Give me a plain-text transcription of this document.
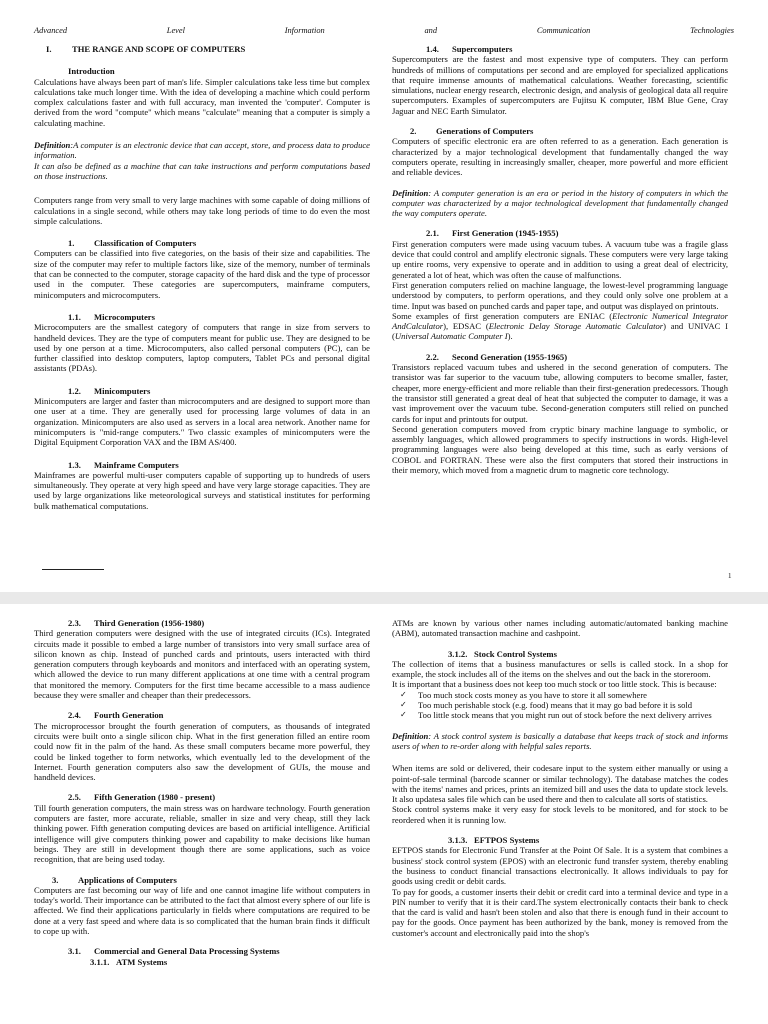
Advanced	Level	Information	and	Communication	Technologies
I. THE RANGE AND SCOPE OF COMPUTERS
Introduction

Calculations have always been part of man's life. Simpler calculations take less time but complex calculations take much longer time. With the idea of developing a machine which could perform complex calculations faster and with full accuracy, man invented the 'computer'. Computer is derived from the word "compute" which means "calculate" meaning that a computer is simply a calculating machine.

Definition:A computer is an electronic device that can accept, store, and process data to produce information.
It can also be defined as a machine that can take instructions and perform computations based on those instructions.

Computers range from very small to very large machines with some capable of doing millions of calculations in a single second, while others may take long periods of time to do even the most simple calculations.

1. Classification of Computers

Computers can be classified into five categories, on the basis of their size and capabilities. The size of the computer may refer to multiple factors like, size of the memory, number of terminals that can be connected to the computer, storage capacity of the hard disk and the type of processor used in the computer. These categories are supercomputers, mainframe computers, minicomputers and microcomputers.

1.1. Microcomputers

Microcomputers are the smallest category of computers that range in size from servers to handheld devices. They are the type of computers meant for public use. They are designed to be used by one person at a time. Microcomputers, also called personal computers (PC), can be further classified into desktop computers, laptop computers, Tablet PCs and personal digital assistants (PDAs).

1.2. Minicomputers

Minicomputers are larger and faster than microcomputers and are designed to support more than one user at a time. They are generally used for processing large volumes of data in an organization. Minicomputers are also used as servers in a local area network. Another name for minicomputers is "mid-range computers." Two classic examples of minicomputers were the Digital Equipment Corporation VAX and the IBM AS/400.

1.3. Mainframe Computers

Mainframes are powerful multi-user computers capable of supporting up to hundreds of users simultaneously. They operate at very high speed and have very large storage capacities. They are used by large organizations like meteorological surveys and statistical institutes for performing bulk mathematical computations.

1.4. Supercomputers

Supercomputers are the fastest and most expensive type of computers. They can perform hundreds of millions of computations per second and are employed for specialized applications that require immense amounts of mathematical calculations. Weather forecasting, scientific simulations, nuclear energy research, electronic design, and analysis of geological data all require supercomputers. Examples of supercomputers are Fujitsu K computer, IBM Blue Gene, Cray Jaguar and NEC Earth Simulator.

2. Generations of Computers

Computers of specific electronic era are often referred to as a generation. Each generation is characterized by a major technological development that fundamentally changed the way computers operate, resulting in increasingly smaller, cheaper, more powerful and more efficient and reliable devices.

Definition: A computer generation is an era or period in the history of computers in which the computer was characterized by a major technological development that fundamentally changed the way computers operate.

2.1. First Generation (1945-1955)

First generation computers were made using vacuum tubes. A vacuum tube was a fragile glass device that could control and amplify electronic signals. These computers were very large taking up entire rooms, very expensive to operate and in addition to using a great deal of electricity, generated a lot of heat, which was often the cause of malfunctions.

First generation computers relied on machine language, the lowest-level programming language understood by computers, to perform operations, and they could only solve one problem at a time. Input was based on punched cards and paper tape, and output was displayed on printouts.

Some examples of first generation computers are ENIAC (Electronic Numerical Integrator AndCalculator), EDSAC (Electronic Delay Storage Automatic Calculator) and UNIVAC I (Universal Automatic Computer I).

2.2. Second Generation (1955-1965)

Transistors replaced vacuum tubes and ushered in the second generation of computers. The transistor was far superior to the vacuum tube, allowing computers to become smaller, faster, cheaper, more energy-efficient and more reliable than their first-generation predecessors. Though the transistor still generated a great deal of heat that subjected the computer to damage, it was a vast improvement over the vacuum tube. Second-generation computers still relied on punched cards for input and printouts for output.

Second generation computers moved from cryptic binary machine language to symbolic, or assembly languages, which allowed programmers to specify instructions in words. High-level programming languages were also being developed at this time, such as early versions of COBOL and FORTRAN. These were also the first computers that stored their instructions in their memory, which moved from a magnetic drum to magnetic core technology.

1
2.3. Third Generation (1956-1980)

Third generation computers were designed with the use of integrated circuits (ICs). Integrated circuits made it possible to embed a large number of transistors into very small surface area of silicon known as chip. Instead of punched cards and printouts, users interacted with third generation computers through keyboards and monitors and interfaced with an operating system, which allowed the device to run many different applications at one time with a central program that monitored the memory. Computers for the first time became accessible to a mass audience because they were smaller and cheaper than their predecessors.

2.4. Fourth Generation

The microprocessor brought the fourth generation of computers, as thousands of integrated circuits were built onto a single silicon chip. What in the first generation filled an entire room could now fit in the palm of the hand. As these small computers became more powerful, they could be linked together to form networks, which eventually led to the development of the Internet. Fourth generation computers also saw the development of GUIs, the mouse and handheld devices.

2.5. Fifth Generation (1980 - present)

Till fourth generation computers, the main stress was on hardware technology. Fourth generation computers are faster, more accurate, reliable, smaller in size and very cheap, still they lack thinking power. Fifth generation computing devices are based on artificial intelligence. Artificial intelligence will give computers thinking power and capability to make decisions like human beings. They are still in development though there are some applications, such as voice recognition, that are being used today.

3. Applications of Computers

Computers are fast becoming our way of life and one cannot imagine life without computers in today's world. Their importance can be attributed to the fact that almost every sphere of our life is affected. We find their applications particularly in fields where computations are required to be done at a very fast speed and where data is so complicated that the human brain finds it difficult to cope up with.

3.1. Commercial and General Data Processing Systems
3.1.1. ATM Systems

ATMs are known by various other names including automatic/automated banking machine (ABM), automated transaction machine and cashpoint.

3.1.2. Stock Control Systems

The collection of items that a business manufactures or sells is called stock. In a shop for example, the stock includes all of the items on the shelves and out the back in the storeroom.

It is important that a business does not keep too much stock or too little stock. This is because:

✓ Too much stock costs money as you have to store it all somewhere
✓ Too much perishable stock (e.g. food) means that it may go bad before it is sold
✓ Too little stock means that you might run out of stock before the next delivery arrives

Definition: A stock control system is basically a database that keeps track of stock and informs users of when to re-order along with helpful sales reports.

When items are sold or delivered, their codesare input to the system either manually or using a point-of-sale terminal (barcode scanner or similar technology). The database matches the codes with the items' names and prices, prints an itemized bill and uses the data to update stock levels. It also updatesa sales file which can be used there and then to calculate all sorts of statistics.

Stock control systems make it very easy for stock levels to be monitored, and for stock to be reordered when it is running low.

3.1.3. EFTPOS Systems

EFTPOS stands for Electronic Fund Transfer at the Point Of Sale. It is a system that combines a business' stock control system (EPOS) with an electronic fund transfer system, thereby enabling the business to conduct financial transactions electronically. It allows individuals to pay for goods using credit or debit cards.

To pay for goods, a customer inserts their debit or credit card into a terminal device and type in a PIN number to verify that it is their card.The system electronically contacts their bank to check that the card is valid and hasn't been stolen and also that there is enough fund in their account to pay for the goods. Once payment has been authorized by the bank, money is removed from the customer's account and electronically paid into the shop's
